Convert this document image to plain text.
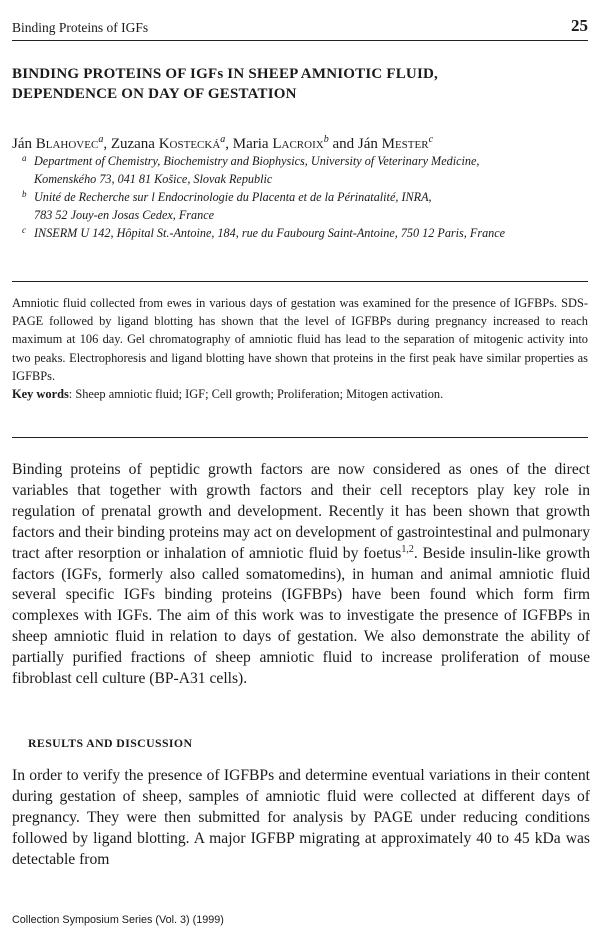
Binding Proteins of IGFs	25
BINDING PROTEINS OF IGFs IN SHEEP AMNIOTIC FLUID,
DEPENDENCE ON DAY OF GESTATION
Ján Blahovec$^a$, Zuzana Kostecká$^a$, Maria Lacroix$^b$ and Ján Mester$^c$
a Department of Chemistry, Biochemistry and Biophysics, University of Veterinary Medicine,
Komenského 73, 041 81 Košice, Slovak Republic
b Unité de Recherche sur l Endocrinologie du Placenta et de la Périnatalité, INRA,
783 52 Jouy-en Josas Cedex, France
c INSERM U 142, Hôpital St.-Antoine, 184, rue du Faubourg Saint-Antoine, 750 12 Paris, France
Amniotic fluid collected from ewes in various days of gestation was examined for the presence of IGFBPs. SDS-PAGE followed by ligand blotting has shown that the level of IGFBPs during pregnancy increased to reach maximum at 106 day. Gel chromatography of amniotic fluid has lead to the separation of mitogenic activity into two peaks. Electrophoresis and ligand blotting have shown that proteins in the first peak have similar properties as IGFBPs.
Key words: Sheep amniotic fluid; IGF; Cell growth; Proliferation; Mitogen activation.
Binding proteins of peptidic growth factors are now considered as ones of the direct variables that together with growth factors and their cell receptors play key role in regulation of prenatal growth and development. Recently it has been shown that growth factors and their binding proteins may act on development of gastrointestinal and pulmonary tract after resorption or inhalation of amniotic fluid by foetus$^{1,2}$. Beside insulin-like growth factors (IGFs, formerly also called somatomedins), in human and animal amniotic fluid several specific IGFs binding proteins (IGFBPs) have been found which form firm complexes with IGFs. The aim of this work was to investigate the presence of IGFBPs in sheep amniotic fluid in relation to days of gestation. We also demonstrate the ability of partially purified fractions of sheep amniotic fluid to increase proliferation of mouse fibroblast cell culture (BP-A31 cells).
RESULTS AND DISCUSSION
In order to verify the presence of IGFBPs and determine eventual variations in their content during gestation of sheep, samples of amniotic fluid were collected at different days of pregnancy. They were then submitted for analysis by PAGE under reducing conditions followed by ligand blotting. A major IGFBP migrating at approximately 40 to 45 kDa was detectable from
Collection Symposium Series (Vol. 3) (1999)
